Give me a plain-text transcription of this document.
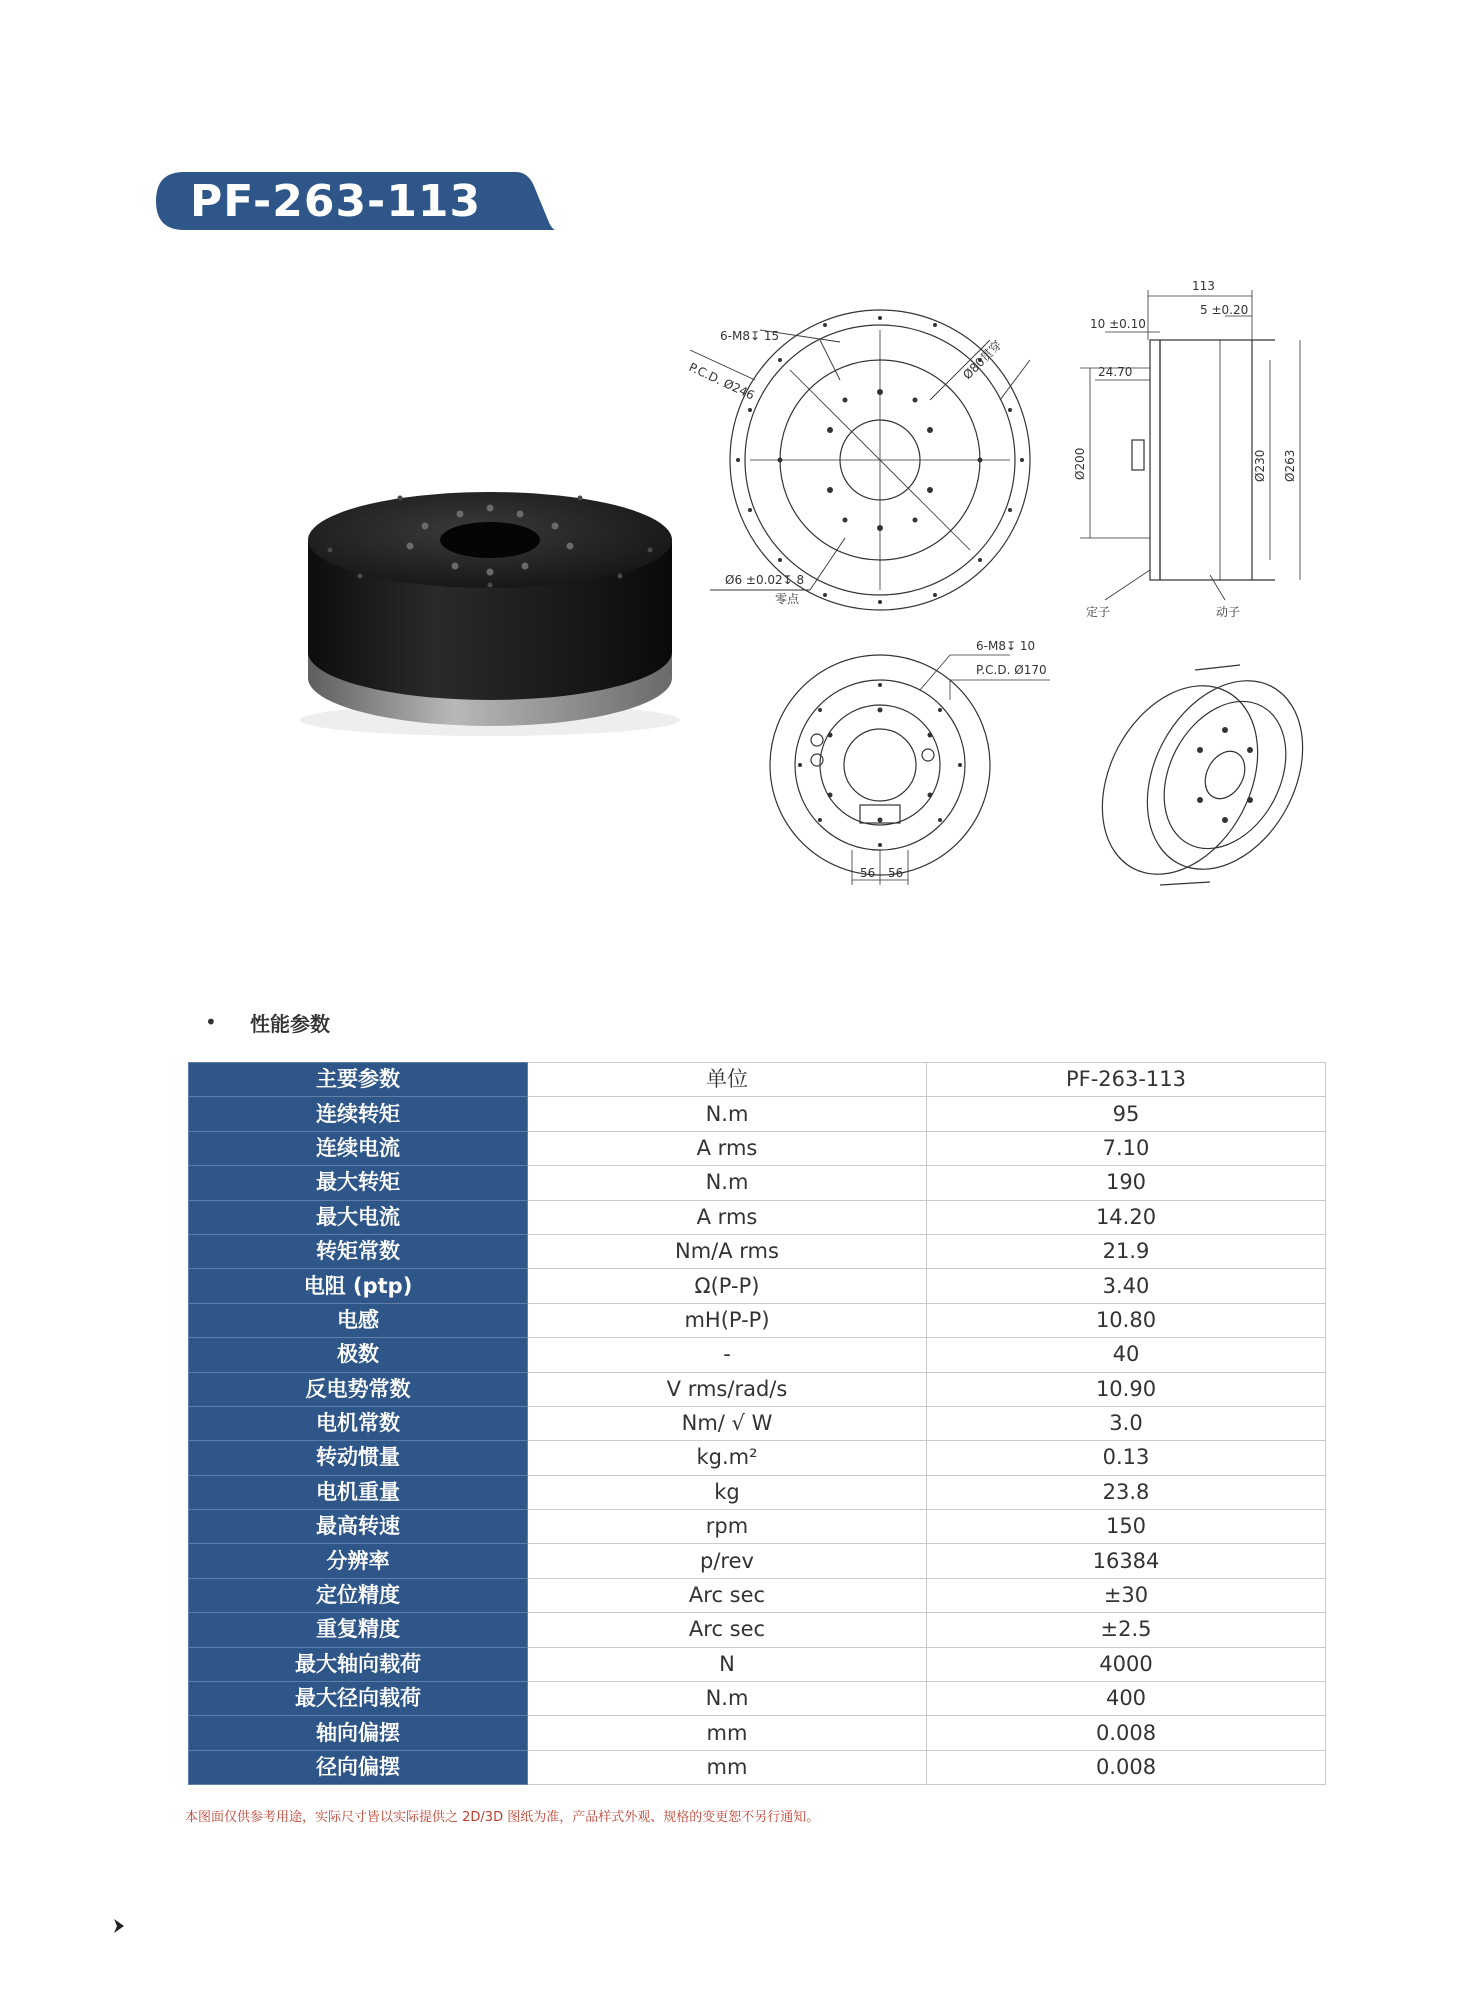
PF-263-113
6-M8↧ 15
P.C.D. Ø246	Ø80贯穿
Ø6 ±0.02↧ 8
零点
113
5 ±0.20
10 ±0.10
24.70
Ø200	Ø230 Ø263
定子	动子
6-M8↧ 10
P.C.D. Ø170
56 56
• 性能参数
主要参数	单位	PF-263-113
连续转矩	N.m	95
连续电流	A rms	7.10
最大转矩	N.m	190
最大电流	A rms	14.20
转矩常数	Nm/A rms	21.9
电阻 (ptp)	Ω(P-P)	3.40
电感	mH(P-P)	10.80
极数	-	40
反电势常数	V rms/rad/s	10.90
电机常数	Nm/ √ W	3.0
转动惯量	kg.m²	0.13
电机重量	kg	23.8
最高转速	rpm	150
分辨率	p/rev	16384
定位精度	Arc sec	±30
重复精度	Arc sec	±2.5
最大轴向载荷	N	4000
最大径向载荷	N.m	400
轴向偏摆	mm	0.008
径向偏摆	mm	0.008
本图面仅供参考用途，实际尺寸皆以实际提供之 2D/3D 图纸为准，产品样式外观、规格的变更恕不另行通知。
